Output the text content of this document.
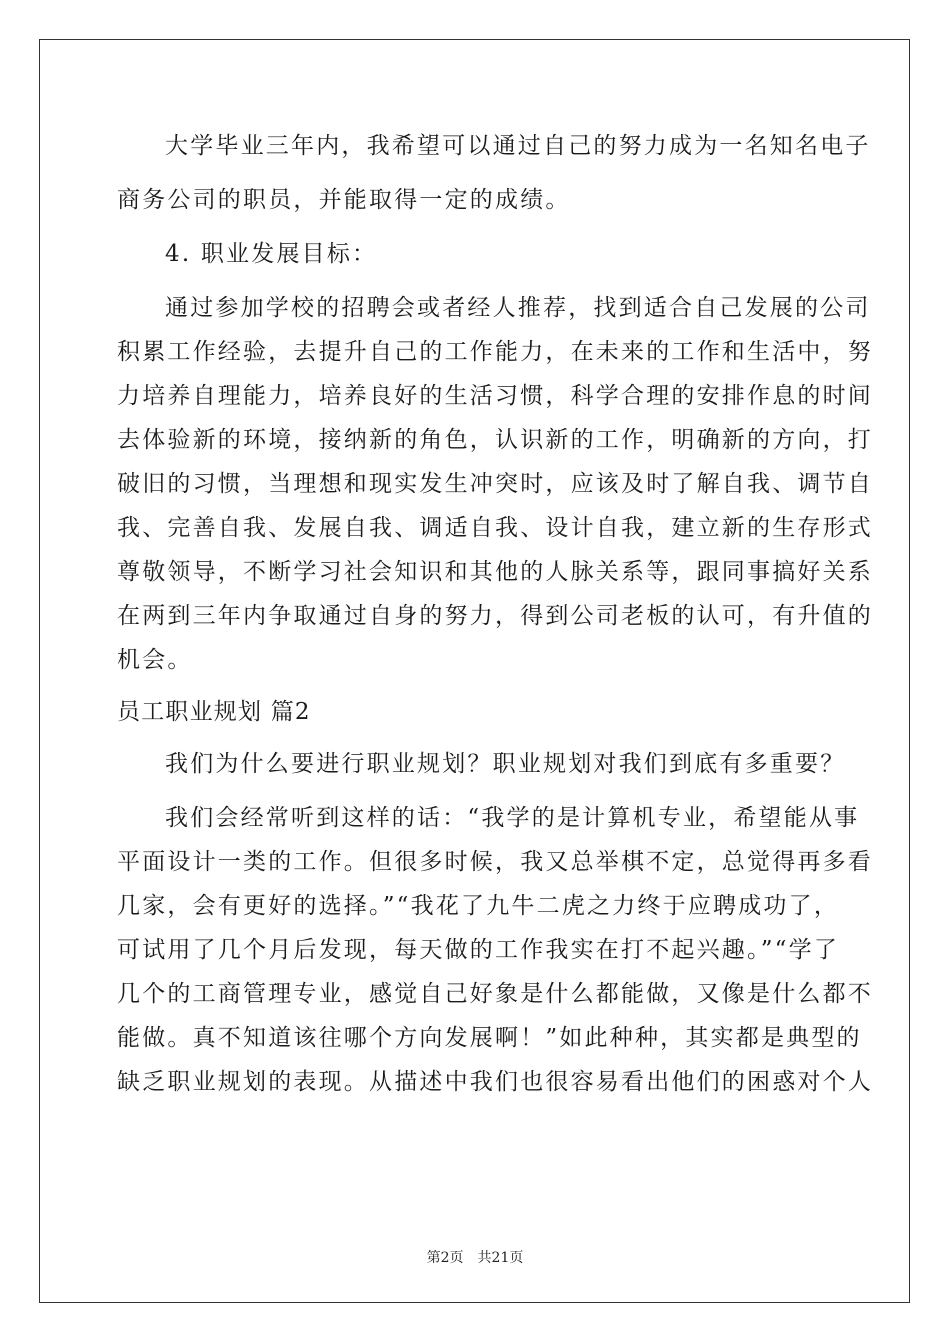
大学毕业三年内，我希望可以通过自己的努力成为一名知名电子
商务公司的职员，并能取得一定的成绩。
4. 职业发展目标：
通过参加学校的招聘会或者经人推荐，找到适合自己发展的公司
积累工作经验，去提升自己的工作能力，在未来的工作和生活中，努
力培养自理能力，培养良好的生活习惯，科学合理的安排作息的时间
去体验新的环境，接纳新的角色，认识新的工作，明确新的方向，打
破旧的习惯，当理想和现实发生冲突时，应该及时了解自我、调节自
我、完善自我、发展自我、调适自我、设计自我，建立新的生存形式
尊敬领导，不断学习社会知识和其他的人脉关系等，跟同事搞好关系
在两到三年内争取通过自身的努力，得到公司老板的认可，有升值的
机会。
员工职业规划 篇2
我们为什么要进行职业规划？职业规划对我们到底有多重要？
我们会经常听到这样的话：“我学的是计算机专业，希望能从事
平面设计一类的工作。但很多时候，我又总举棋不定，总觉得再多看
几家，会有更好的选择。”“我花了九牛二虎之力终于应聘成功了，
可试用了几个月后发现，每天做的工作我实在打不起兴趣。”“学了
几个的工商管理专业，感觉自己好象是什么都能做，又像是什么都不
能做。真不知道该往哪个方向发展啊！”如此种种，其实都是典型的
缺乏职业规划的表现。从描述中我们也很容易看出他们的困惑对个人
第2页 共21页
